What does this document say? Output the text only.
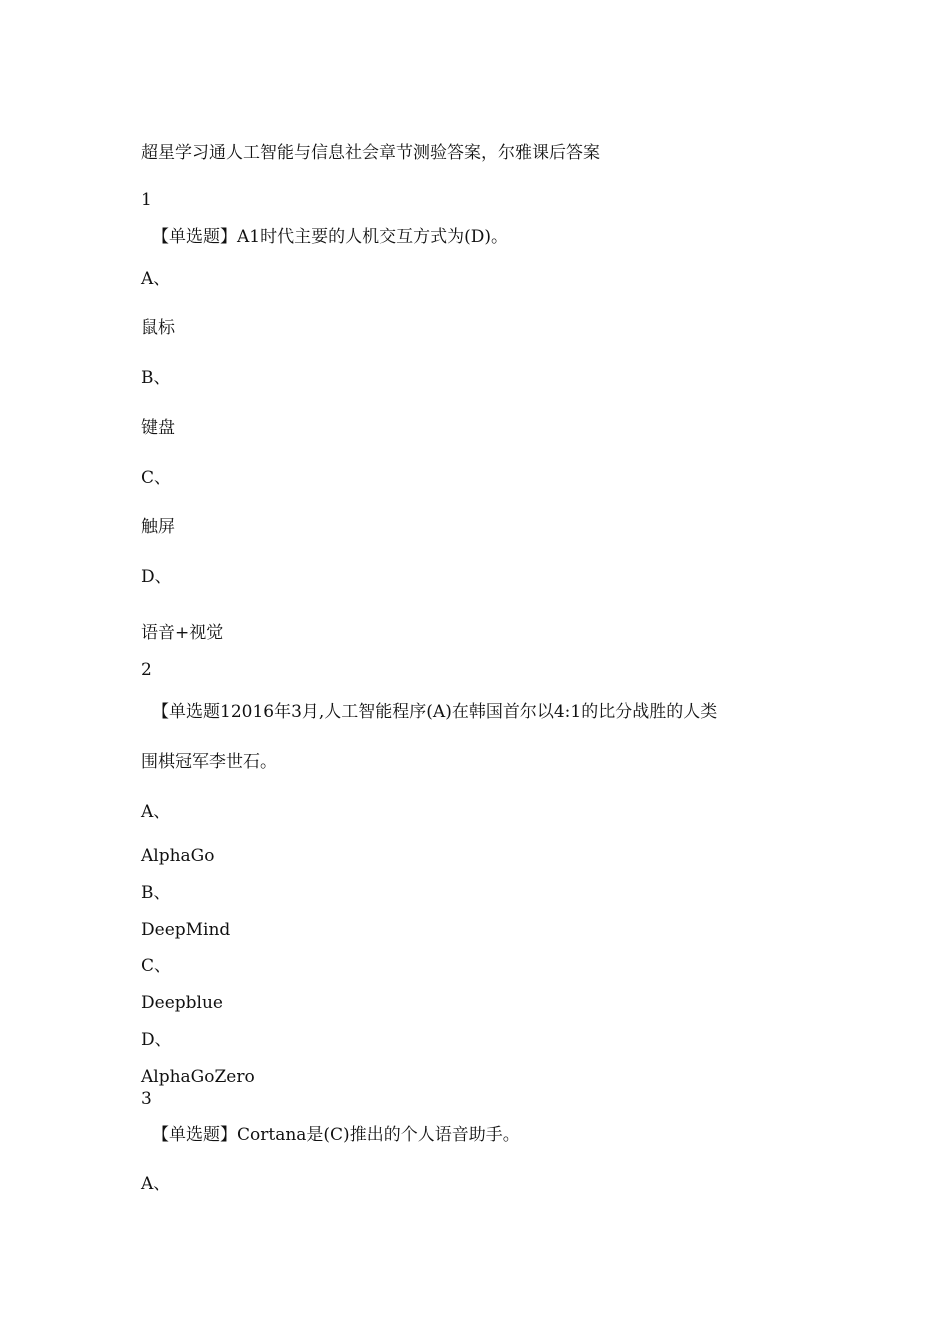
超星学习通人工智能与信息社会章节测验答案，尔雅课后答案
1
【单选题】A1时代主要的人机交互方式为(D)。
A、
鼠标
B、
键盘
C、
触屏
D、
语音+视觉
2
【单选题12016年3月,人工智能程序(A)在韩国首尔以4:1的比分战胜的人类
围棋冠军李世石。
A、
AlphaGo
B、
DeepMind
C、
Deepblue
D、
AlphaGoZero
3
【单选题】Cortana是(C)推出的个人语音助手。
A、
